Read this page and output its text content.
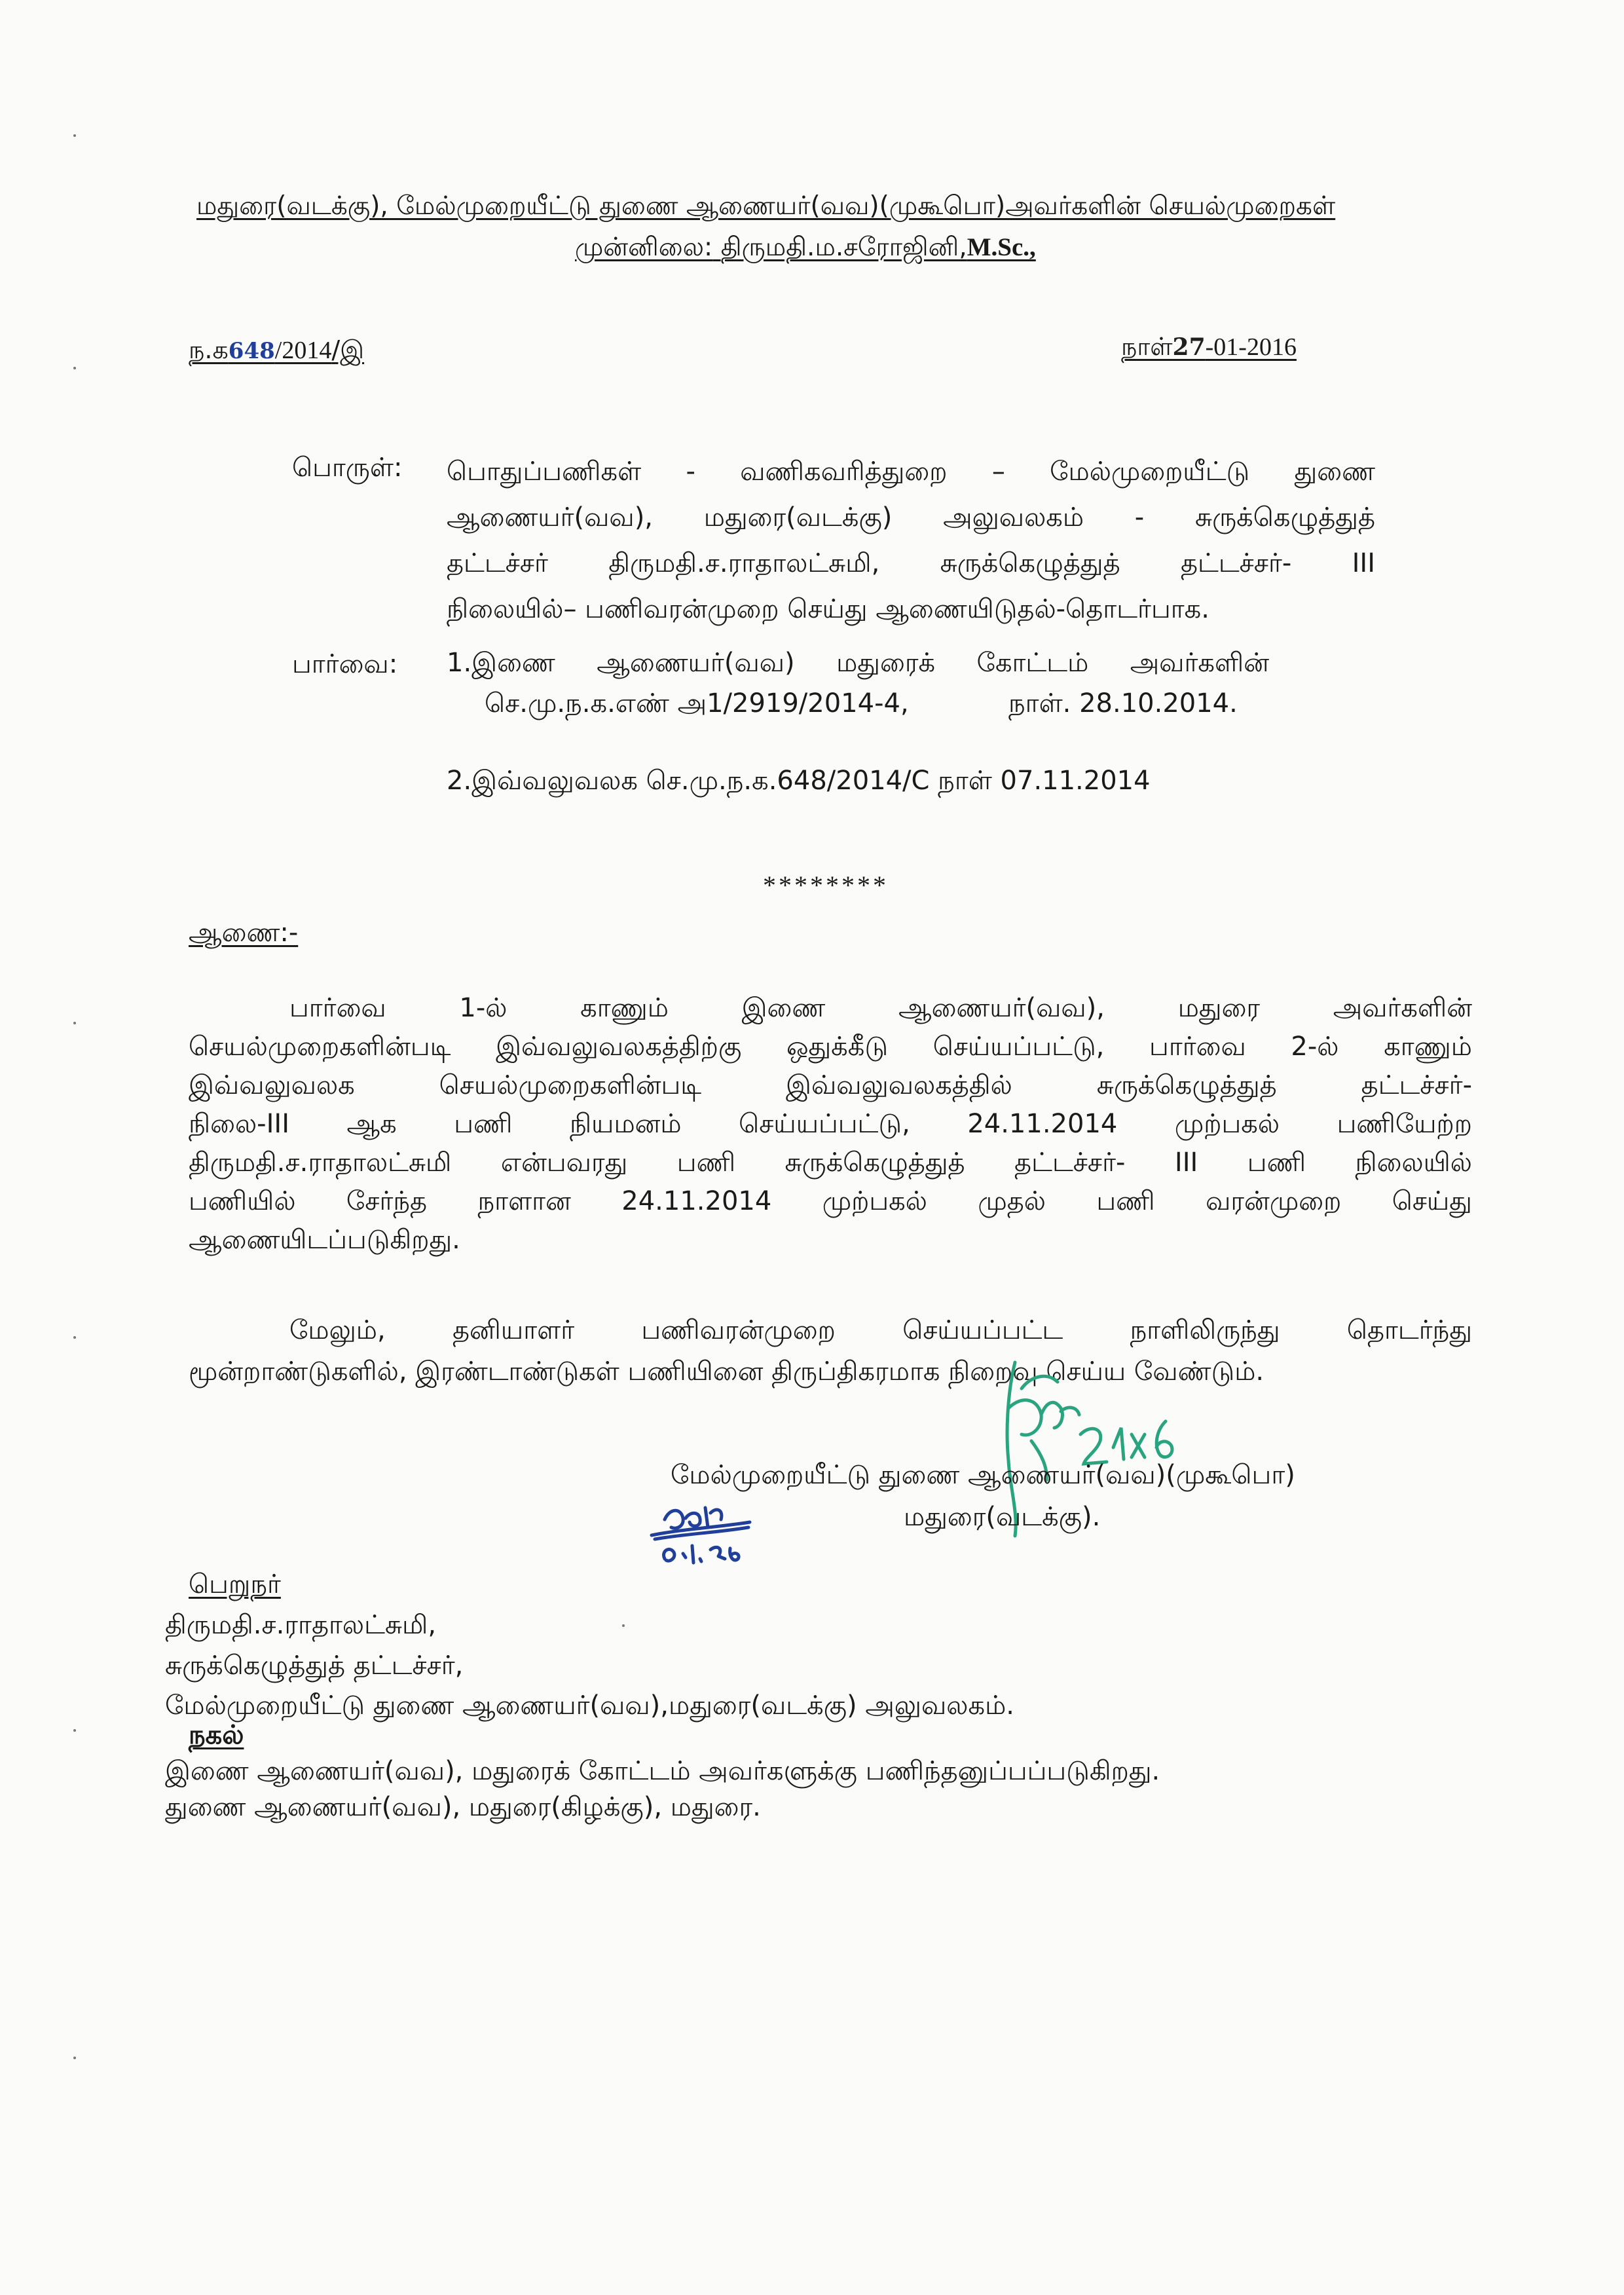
மதுரை(வடக்கு), மேல்முறையீட்டு துணை ஆணையர்(வவ)(முகூபொ)அவர்களின் செயல்முறைகள்
முன்னிலை: திருமதி.ம.சரோஜினி,M.Sc.,
ந.க648/2014/இ	நாள்27-01-2016
பொருள்: பொதுப்பணிகள் - வணிகவரித்துறை – மேல்முறையீட்டு துணை
ஆணையர்(வவ), மதுரை(வடக்கு) அலுவலகம் - சுருக்கெழுத்துத்
தட்டச்சர் திருமதி.ச.ராதாலட்சுமி, சுருக்கெழுத்துத் தட்டச்சர்- III
நிலையில்– பணிவரன்முறை செய்து ஆணையிடுதல்-தொடர்பாக.
பார்வை: 1.இணை ஆணையர்(வவ) மதுரைக் கோட்டம் அவர்களின்
செ.மு.ந.க.எண் அ1/2919/2014-4,	நாள். 28.10.2014.
2.இவ்வலுவலக செ.மு.ந.க.648/2014/C நாள் 07.11.2014
********
ஆணை:-
பார்வை 1-ல் காணும் இணை ஆணையர்(வவ), மதுரை அவர்களின்
செயல்முறைகளின்படி இவ்வலுவலகத்திற்கு ஒதுக்கீடு செய்யப்பட்டு, பார்வை 2-ல் காணும்
இவ்வலுவலக செயல்முறைகளின்படி இவ்வலுவலகத்தில் சுருக்கெழுத்துத் தட்டச்சர்-
நிலை-III ஆக பணி நியமனம் செய்யப்பட்டு, 24.11.2014 முற்பகல் பணியேற்ற
திருமதி.ச.ராதாலட்சுமி என்பவரது பணி சுருக்கெழுத்துத் தட்டச்சர்- III பணி நிலையில்
பணியில் சேர்ந்த நாளான 24.11.2014 முற்பகல் முதல் பணி வரன்முறை செய்து
ஆணையிடப்படுகிறது.
மேலும், தனியாளர் பணிவரன்முறை செய்யப்பட்ட நாளிலிருந்து தொடர்ந்து
மூன்றாண்டுகளில், இரண்டாண்டுகள் பணியினை திருப்திகரமாக நிறைவு செய்ய வேண்டும்.
மேல்முறையீட்டு துணை ஆணையர்(வவ)(முகூபொ)
மதுரை(வடக்கு).
பெறுநர்
திருமதி.ச.ராதாலட்சுமி,
சுருக்கெழுத்துத் தட்டச்சர்,
மேல்முறையீட்டு துணை ஆணையர்(வவ),மதுரை(வடக்கு) அலுவலகம்.
நகல்
இணை ஆணையர்(வவ), மதுரைக் கோட்டம் அவர்களுக்கு பணிந்தனுப்பப்படுகிறது.
துணை ஆணையர்(வவ), மதுரை(கிழக்கு), மதுரை.
